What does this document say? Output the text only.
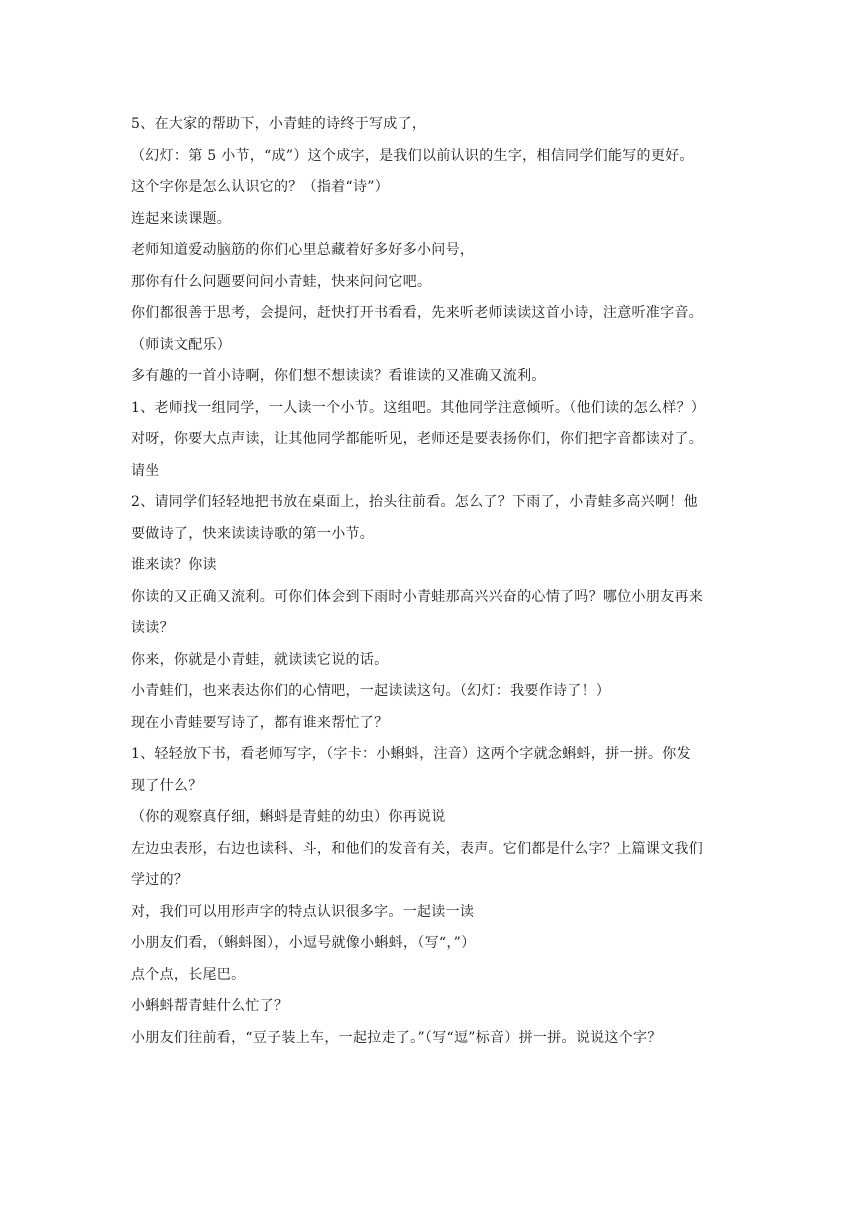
5、在大家的帮助下，小青蛙的诗终于写成了，

（幻灯：第 5 小节，“成”）这个成字，是我们以前认识的生字，相信同学们能写的更好。

这个字你是怎么认识它的？（指着“诗”）

连起来读课题。

老师知道爱动脑筋的你们心里总藏着好多好多小问号，

那你有什么问题要问问小青蛙，快来问问它吧。

你们都很善于思考，会提问，赶快打开书看看，先来听老师读读这首小诗，注意听准字音。

（师读文配乐）

多有趣的一首小诗啊，你们想不想读读？看谁读的又准确又流利。

1、老师找一组同学，一人读一个小节。这组吧。其他同学注意倾听。（他们读的怎么样？）

对呀，你要大点声读，让其他同学都能听见，老师还是要表扬你们，你们把字音都读对了。

请坐

2、请同学们轻轻地把书放在桌面上，抬头往前看。怎么了？下雨了，小青蛙多高兴啊！他

要做诗了，快来读读诗歌的第一小节。

谁来读？你读

你读的又正确又流利。可你们体会到下雨时小青蛙那高兴兴奋的心情了吗？哪位小朋友再来

读读？

你来，你就是小青蛙，就读读它说的话。

小青蛙们，也来表达你们的心情吧，一起读读这句。（幻灯：我要作诗了！）

现在小青蛙要写诗了，都有谁来帮忙了？

1、轻轻放下书，看老师写字，（字卡：小蝌蚪，注音）这两个字就念蝌蚪，拼一拼。你发

现了什么？

（你的观察真仔细，蝌蚪是青蛙的幼虫）你再说说

左边虫表形，右边也读科、斗，和他们的发音有关，表声。它们都是什么字？上篇课文我们

学过的？

对，我们可以用形声字的特点认识很多字。一起读一读

小朋友们看，（蝌蚪图），小逗号就像小蝌蚪，（写“，”）

点个点，长尾巴。

小蝌蚪帮青蛙什么忙了？

小朋友们往前看，“豆子装上车，一起拉走了。”（写“逗”标音）拼一拼。说说这个字？
